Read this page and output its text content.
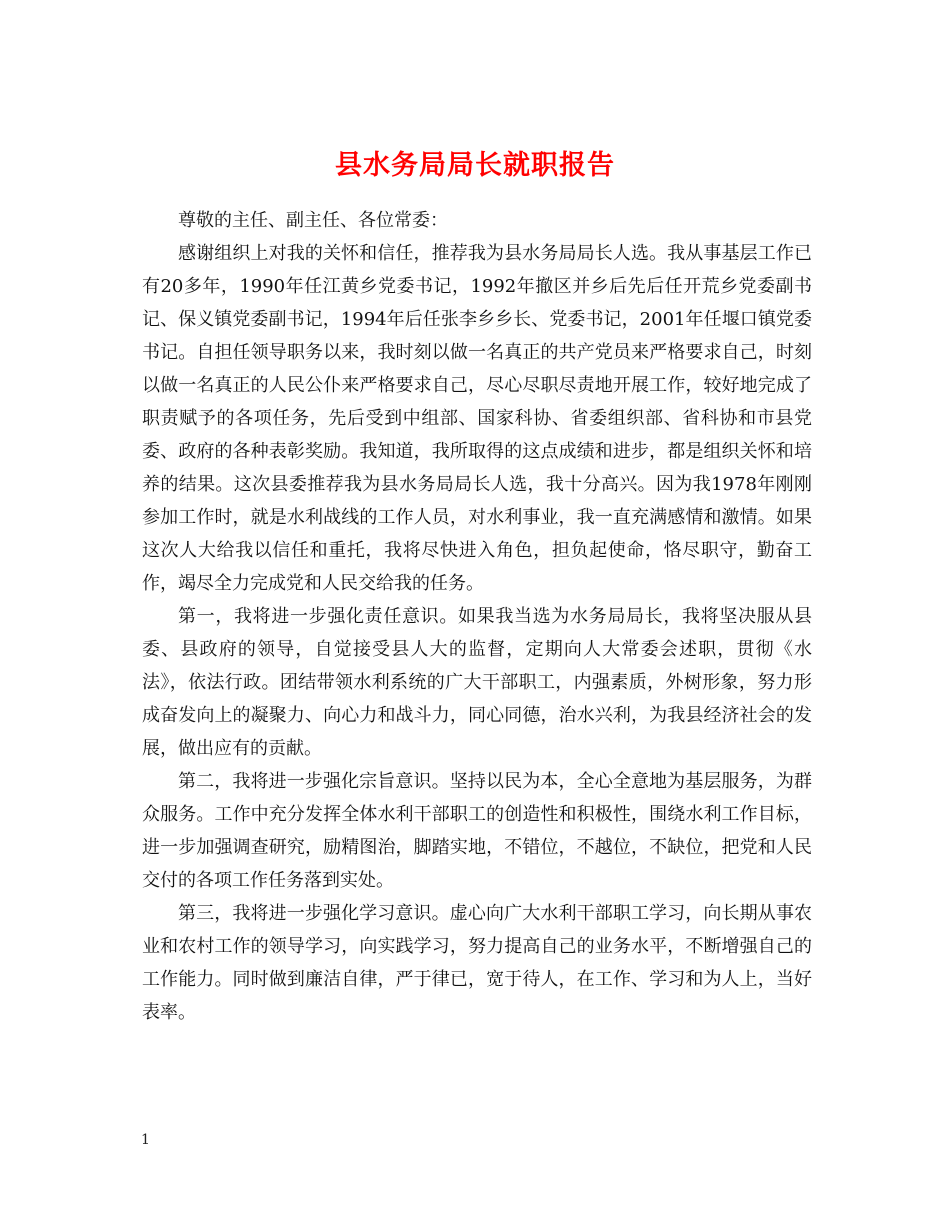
县水务局局长就职报告

尊敬的主任、副主任、各位常委：

感谢组织上对我的关怀和信任，推荐我为县水务局局长人选。我从事基层工作已有20多年，1990年任江黄乡党委书记，1992年撤区并乡后先后任开荒乡党委副书记、保义镇党委副书记，1994年后任张李乡乡长、党委书记，2001年任堰口镇党委书记。自担任领导职务以来，我时刻以做一名真正的共产党员来严格要求自己，时刻以做一名真正的人民公仆来严格要求自己，尽心尽职尽责地开展工作，较好地完成了职责赋予的各项任务，先后受到中组部、国家科协、省委组织部、省科协和市县党委、政府的各种表彰奖励。我知道，我所取得的这点成绩和进步，都是组织关怀和培养的结果。这次县委推荐我为县水务局局长人选，我十分高兴。因为我1978年刚刚参加工作时，就是水利战线的工作人员，对水利事业，我一直充满感情和激情。如果这次人大给我以信任和重托，我将尽快进入角色，担负起使命，恪尽职守，勤奋工作，竭尽全力完成党和人民交给我的任务。

第一，我将进一步强化责任意识。如果我当选为水务局局长，我将坚决服从县委、县政府的领导，自觉接受县人大的监督，定期向人大常委会述职，贯彻《水法》，依法行政。团结带领水利系统的广大干部职工，内强素质，外树形象，努力形成奋发向上的凝聚力、向心力和战斗力，同心同德，治水兴利，为我县经济社会的发展，做出应有的贡献。

第二，我将进一步强化宗旨意识。坚持以民为本，全心全意地为基层服务，为群众服务。工作中充分发挥全体水利干部职工的创造性和积极性，围绕水利工作目标，进一步加强调查研究，励精图治，脚踏实地，不错位，不越位，不缺位，把党和人民交付的各项工作任务落到实处。

第三，我将进一步强化学习意识。虚心向广大水利干部职工学习，向长期从事农业和农村工作的领导学习，向实践学习，努力提高自己的业务水平，不断增强自己的工作能力。同时做到廉洁自律，严于律已，宽于待人，在工作、学习和为人上，当好表率。

1
